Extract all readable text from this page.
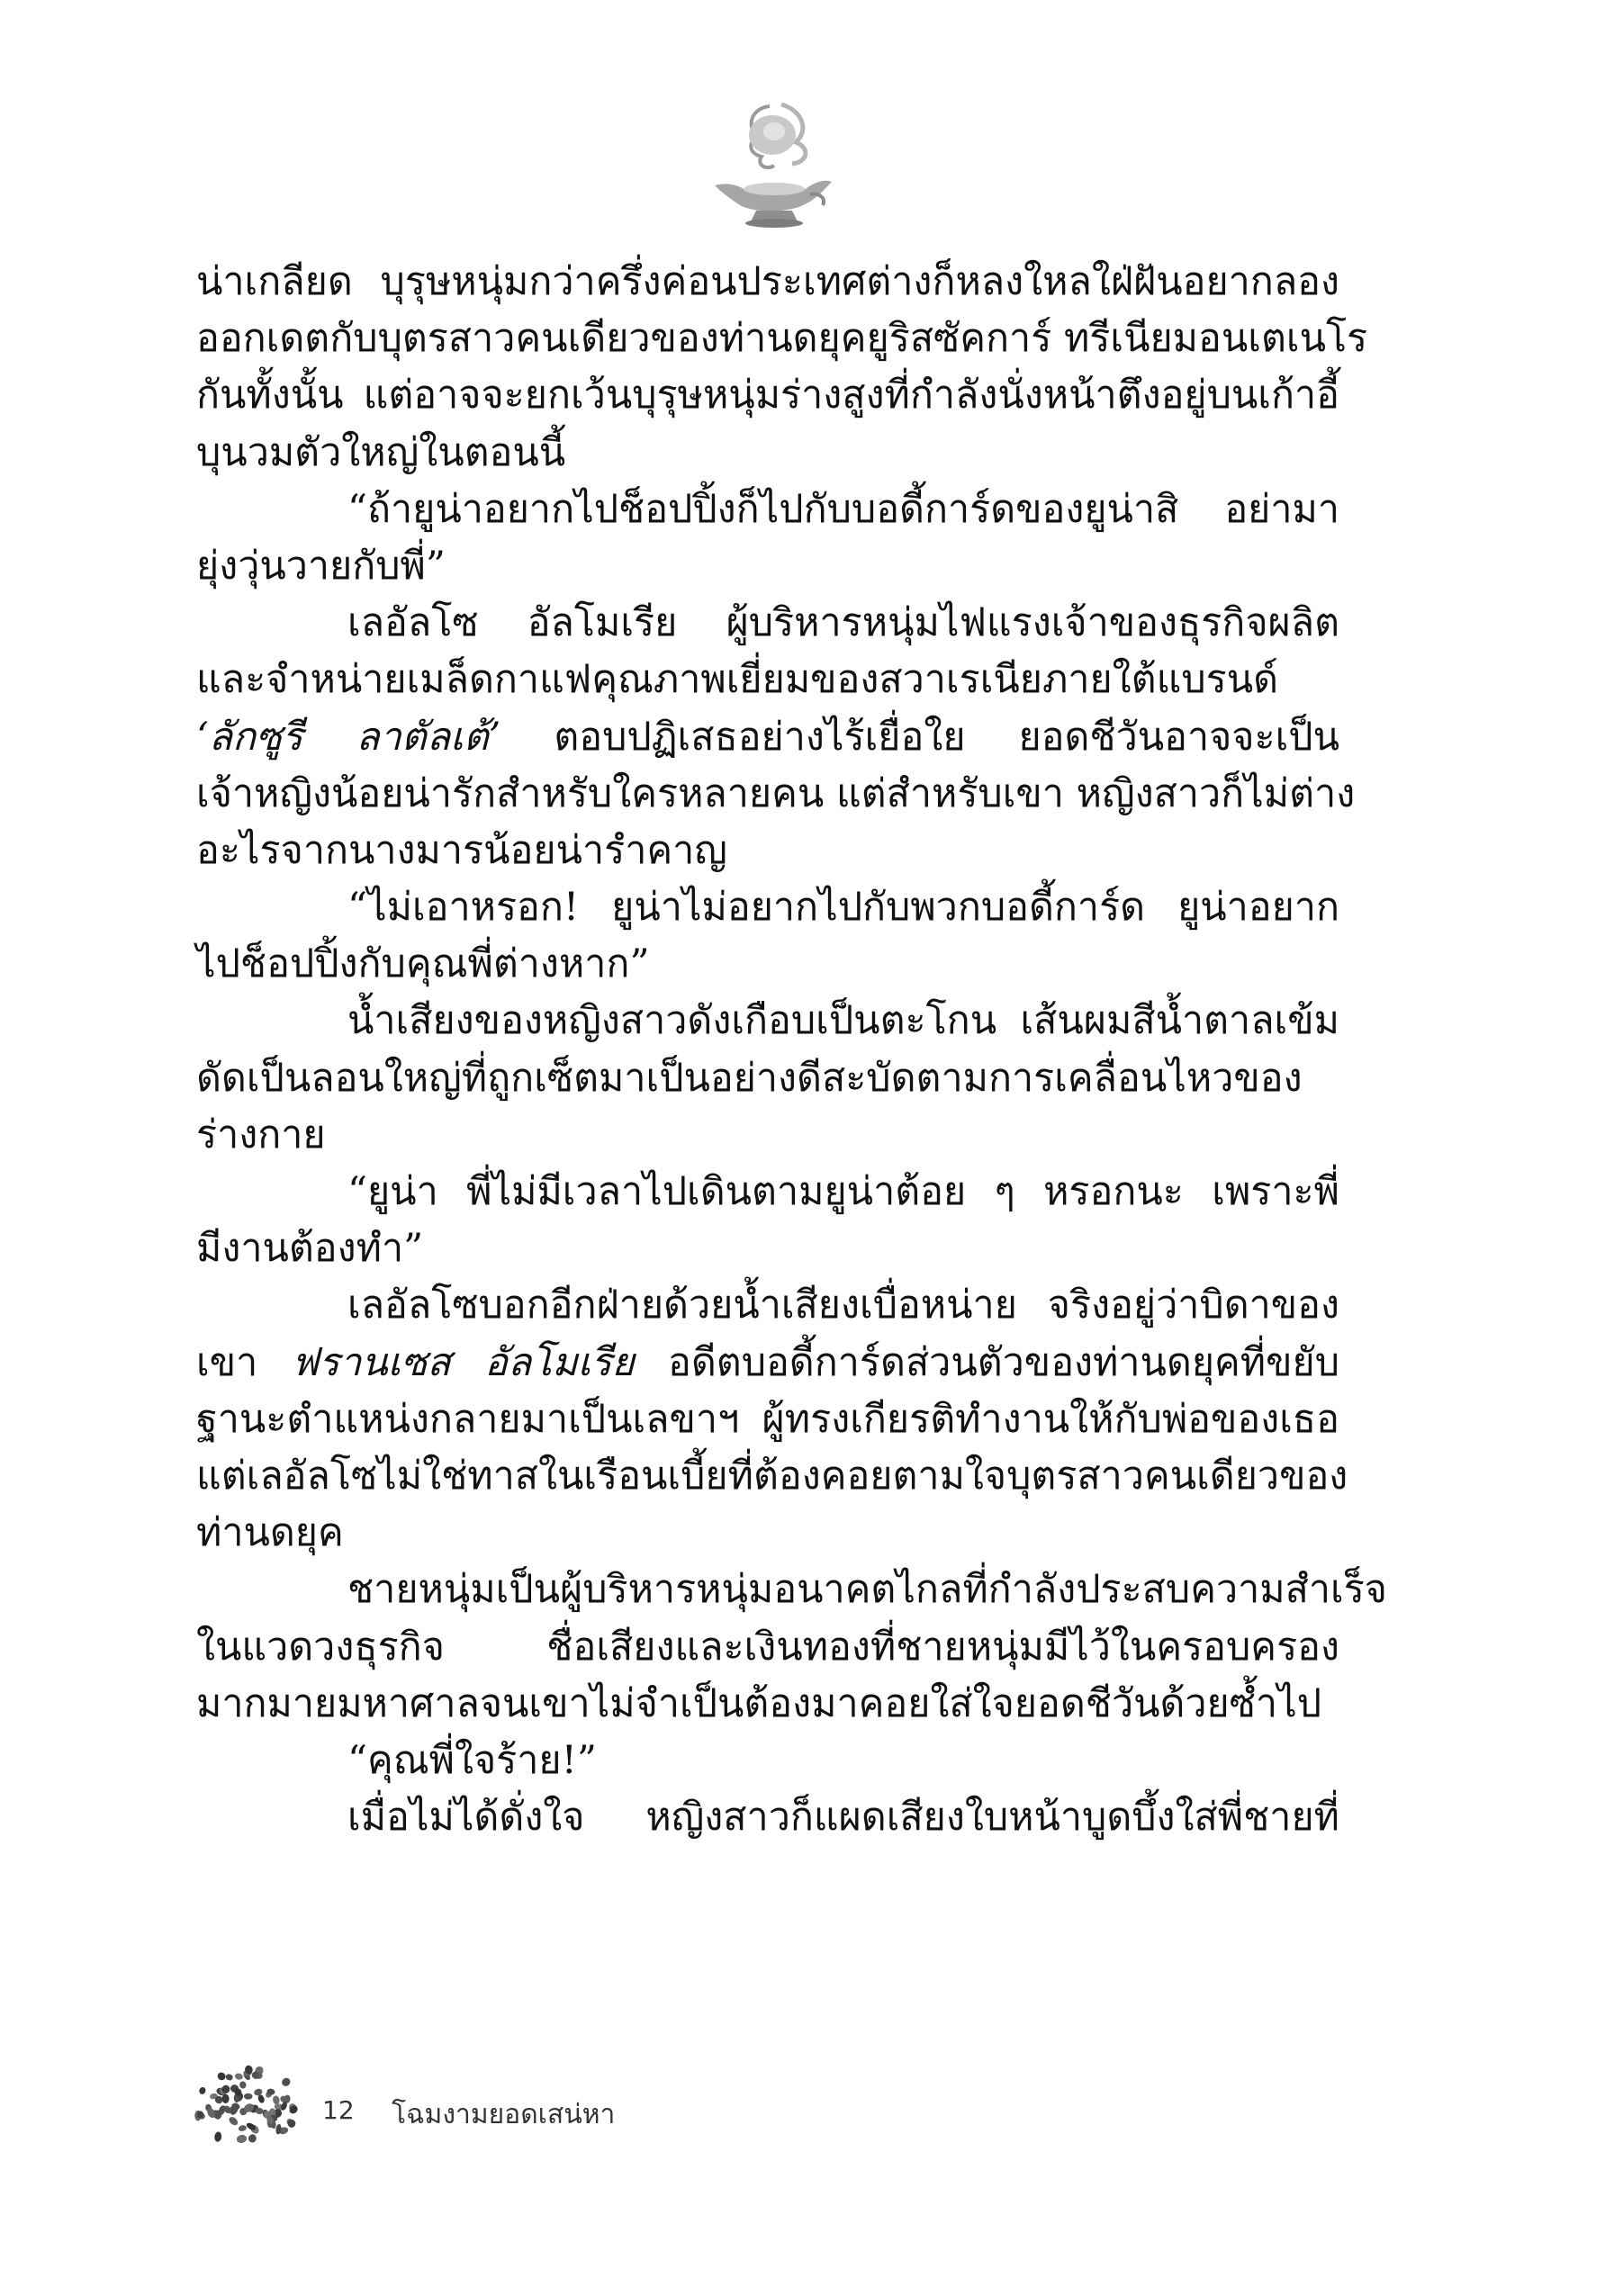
น่าเกลียด บุรุษหนุ่มกว่าครึ่งค่อนประเทศต่างก็หลงใหลใฝ่ฝันอยากลอง
ออกเดตกับบุตรสาวคนเดียวของท่านดยุคยูริสซัคการ์ ทรีเนียมอนเตเนโร
กันทั้งนั้น แต่อาจจะยกเว้นบุรุษหนุ่มร่างสูงที่กำลังนั่งหน้าตึงอยู่บนเก้าอี้
บุนวมตัวใหญ่ในตอนนี้
“ถ้ายูน่าอยากไปช็อปปิ้งก็ไปกับบอดี้การ์ดของยูน่าสิ อย่ามา
ยุ่งวุ่นวายกับพี่”
เลอัลโซ อัลโมเรีย ผู้บริหารหนุ่มไฟแรงเจ้าของธุรกิจผลิต
และจำหน่ายเมล็ดกาแฟคุณภาพเยี่ยมของสวาเรเนียภายใต้แบรนด์
‘ลักซูรี ลาตัลเต้’ ตอบปฏิเสธอย่างไร้เยื่อใย ยอดชีวันอาจจะเป็น
เจ้าหญิงน้อยน่ารักสำหรับใครหลายคน แต่สำหรับเขา หญิงสาวก็ไม่ต่าง
อะไรจากนางมารน้อยน่ารำคาญ
“ไม่เอาหรอก! ยูน่าไม่อยากไปกับพวกบอดี้การ์ด ยูน่าอยาก
ไปช็อปปิ้งกับคุณพี่ต่างหาก”
น้ำเสียงของหญิงสาวดังเกือบเป็นตะโกน เส้นผมสีน้ำตาลเข้ม
ดัดเป็นลอนใหญ่ที่ถูกเซ็ตมาเป็นอย่างดีสะบัดตามการเคลื่อนไหวของ
ร่างกาย
“ยูน่า พี่ไม่มีเวลาไปเดินตามยูน่าต้อย ๆ หรอกนะ เพราะพี่
มีงานต้องทำ”
เลอัลโซบอกอีกฝ่ายด้วยน้ำเสียงเบื่อหน่าย จริงอยู่ว่าบิดาของ
เขา ฟรานเซส อัลโมเรีย อดีตบอดี้การ์ดส่วนตัวของท่านดยุคที่ขยับ
ฐานะตำแหน่งกลายมาเป็นเลขาฯ ผู้ทรงเกียรติทำงานให้กับพ่อของเธอ
แต่เลอัลโซไม่ใช่ทาสในเรือนเบี้ยที่ต้องคอยตามใจบุตรสาวคนเดียวของ
ท่านดยุค
ชายหนุ่มเป็นผู้บริหารหนุ่มอนาคตไกลที่กำลังประสบความสำเร็จ
ในแวดวงธุรกิจ ชื่อเสียงและเงินทองที่ชายหนุ่มมีไว้ในครอบครอง
มากมายมหาศาลจนเขาไม่จำเป็นต้องมาคอยใส่ใจยอดชีวันด้วยซ้ำไป
“คุณพี่ใจร้าย!”
เมื่อไม่ได้ดั่งใจ หญิงสาวก็แผดเสียงใบหน้าบูดบึ้งใส่พี่ชายที่
12 โฉมงามยอดเสน่หา
